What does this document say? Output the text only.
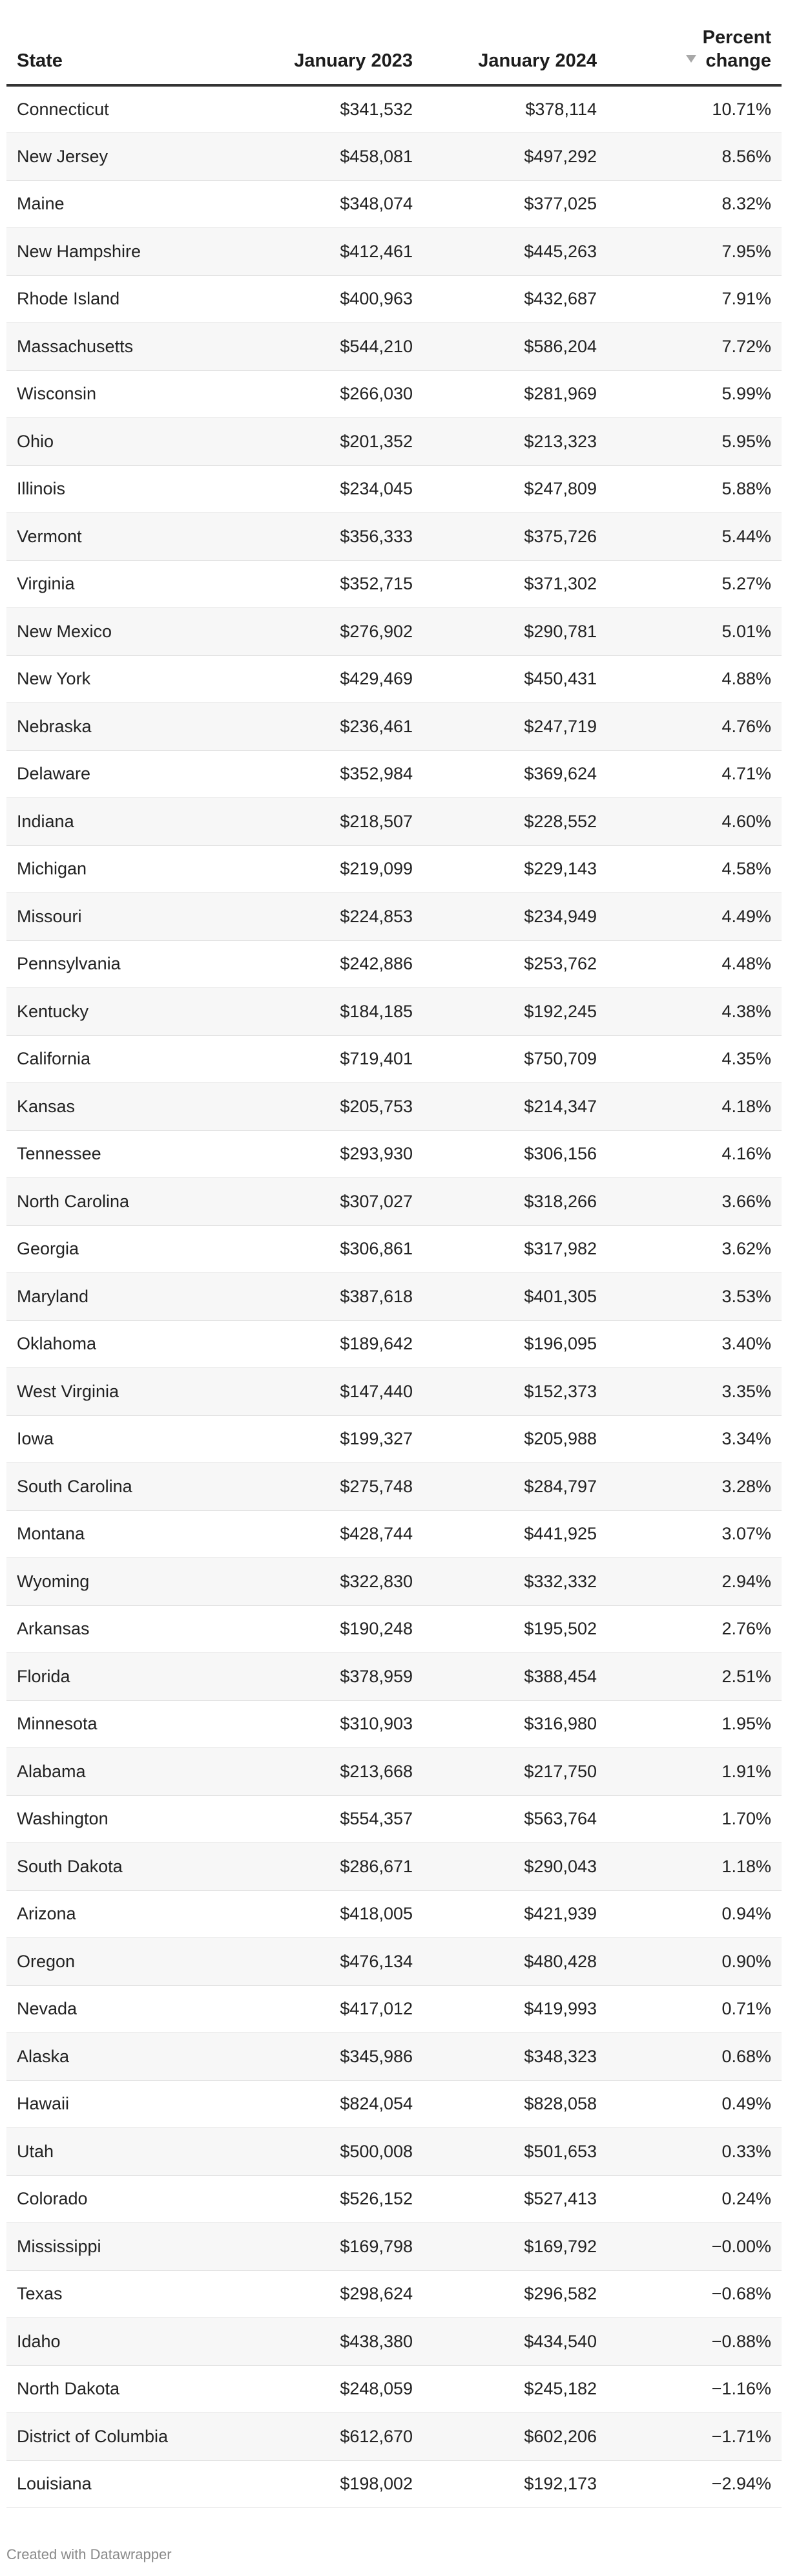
State	January 2023	January 2024	Percent
change

Connecticut	$341,532	$378,114	10.71%
New Jersey	$458,081	$497,292	8.56%
Maine	$348,074	$377,025	8.32%
New Hampshire	$412,461	$445,263	7.95%
Rhode Island	$400,963	$432,687	7.91%
Massachusetts	$544,210	$586,204	7.72%
Wisconsin	$266,030	$281,969	5.99%
Ohio	$201,352	$213,323	5.95%
Illinois	$234,045	$247,809	5.88%
Vermont	$356,333	$375,726	5.44%
Virginia	$352,715	$371,302	5.27%
New Mexico	$276,902	$290,781	5.01%
New York	$429,469	$450,431	4.88%
Nebraska	$236,461	$247,719	4.76%
Delaware	$352,984	$369,624	4.71%
Indiana	$218,507	$228,552	4.60%
Michigan	$219,099	$229,143	4.58%
Missouri	$224,853	$234,949	4.49%
Pennsylvania	$242,886	$253,762	4.48%
Kentucky	$184,185	$192,245	4.38%
California	$719,401	$750,709	4.35%
Kansas	$205,753	$214,347	4.18%
Tennessee	$293,930	$306,156	4.16%
North Carolina	$307,027	$318,266	3.66%
Georgia	$306,861	$317,982	3.62%
Maryland	$387,618	$401,305	3.53%
Oklahoma	$189,642	$196,095	3.40%
West Virginia	$147,440	$152,373	3.35%
Iowa	$199,327	$205,988	3.34%
South Carolina	$275,748	$284,797	3.28%
Montana	$428,744	$441,925	3.07%
Wyoming	$322,830	$332,332	2.94%
Arkansas	$190,248	$195,502	2.76%
Florida	$378,959	$388,454	2.51%
Minnesota	$310,903	$316,980	1.95%
Alabama	$213,668	$217,750	1.91%
Washington	$554,357	$563,764	1.70%
South Dakota	$286,671	$290,043	1.18%
Arizona	$418,005	$421,939	0.94%
Oregon	$476,134	$480,428	0.90%
Nevada	$417,012	$419,993	0.71%
Alaska	$345,986	$348,323	0.68%
Hawaii	$824,054	$828,058	0.49%
Utah	$500,008	$501,653	0.33%
Colorado	$526,152	$527,413	0.24%
Mississippi	$169,798	$169,792	−0.00%
Texas	$298,624	$296,582	−0.68%
Idaho	$438,380	$434,540	−0.88%
North Dakota	$248,059	$245,182	−1.16%
District of Columbia	$612,670	$602,206	−1.71%
Louisiana	$198,002	$192,173	−2.94%
Created with Datawrapper
